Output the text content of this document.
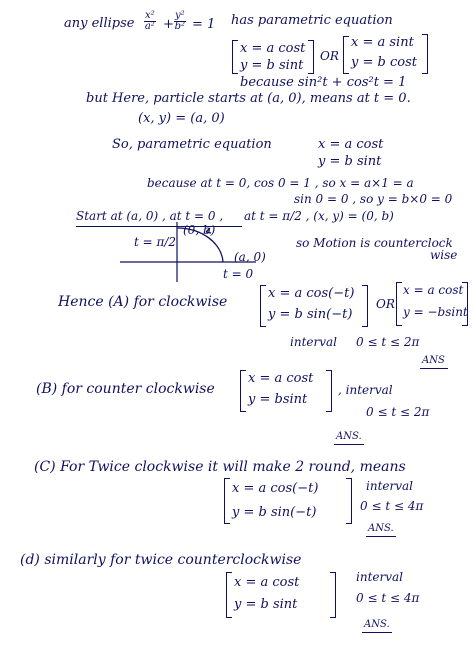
any ellipse $\frac{\text{x²}}{\text{a²}} + \frac{\text{y²}}{\text{b²}} = 1$ has parametric equation
x = a cost
y = b sint
OR
x = a sint
y = b cost
because sin²t + cos²t = 1
but Here, particle starts at (a, 0), means at t = 0.
(x, y) = (a, 0)
So, parametric equation	x = a cost
y = b sint
because at t = 0, cos 0 = 1 , so x = a×1 = a
sin 0 = 0 , so y = b×0 = 0
Start at (a, 0) , at t = 0 , at t = π/2 , (x, y) = (0, b)
so Motion is counterclock
wise
(0, b)
t = π/2
(a, 0)
t = 0
Hence (A) for clockwise
x = a cos(−t)
y = b sin(−t)
OR
x = a cost
y = −bsint
interval 0 ≤ t ≤ 2π
ANS
(B) for counter clockwise
x = a cost
y = bsint
, interval
0 ≤ t ≤ 2π
ANS.
(C) For Twice clockwise it will make 2 round, means
x = a cos(−t)
y = b sin(−t)
interval
0 ≤ t ≤ 4π
ANS.
(d) similarly for twice counterclockwise
x = a cost
y = b sint
interval
0 ≤ t ≤ 4π
ANS.
